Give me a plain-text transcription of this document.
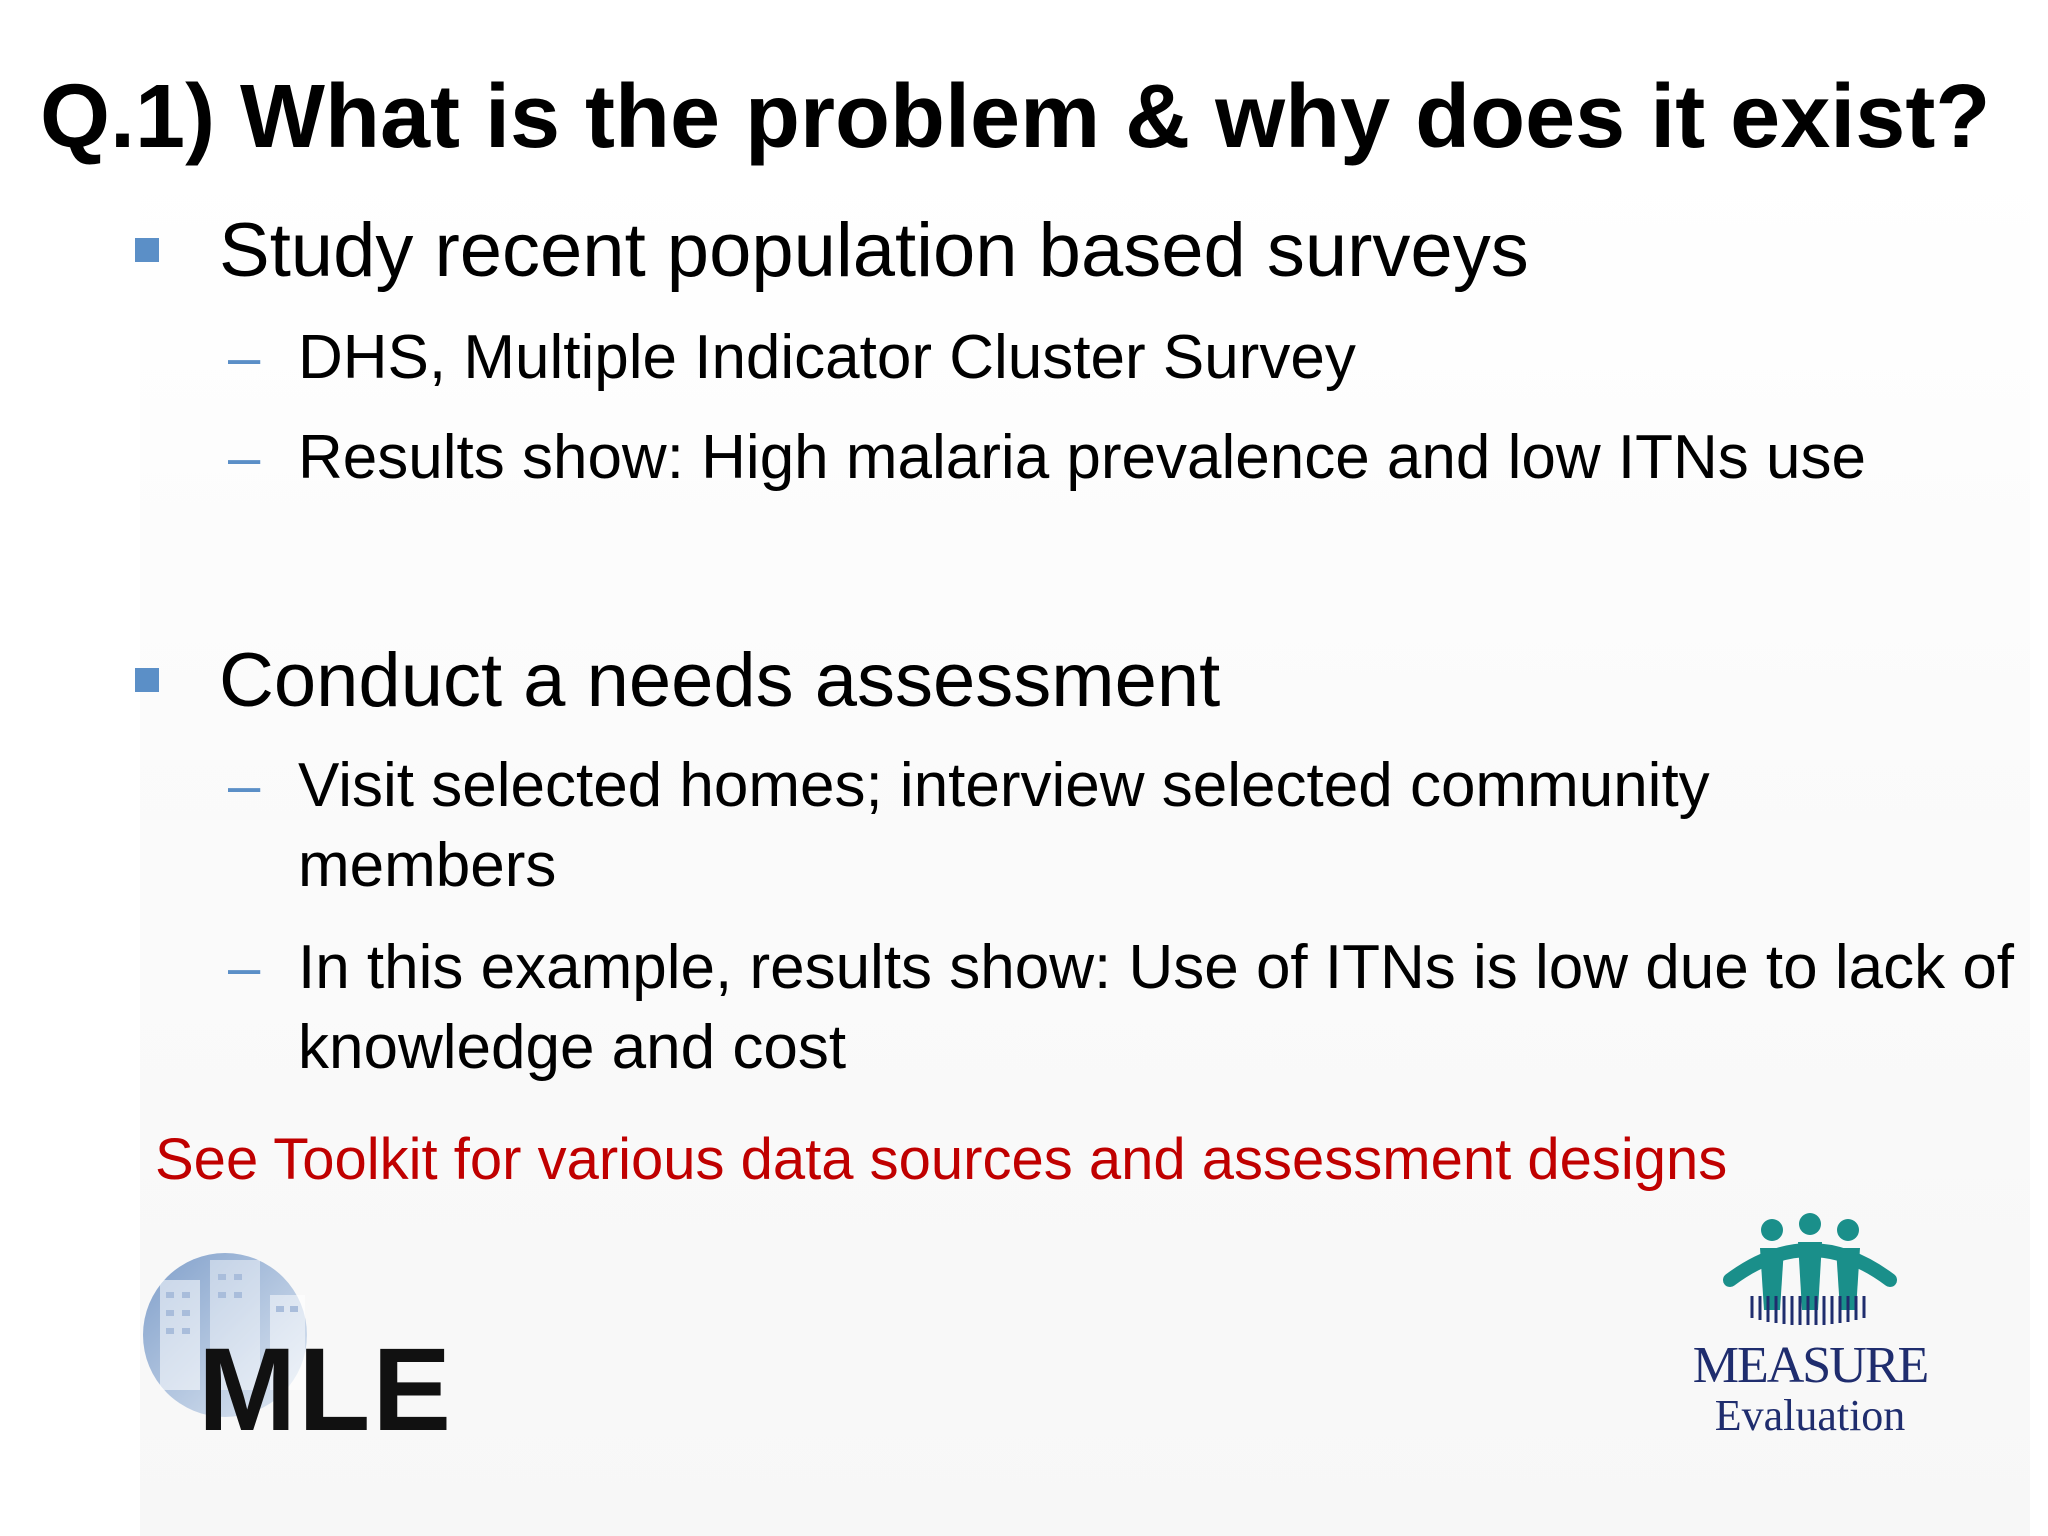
Q.1) What is the problem & why does it exist?
Study recent population based surveys
– DHS, Multiple Indicator Cluster Survey
– Results show: High malaria prevalence and low ITNs use
Conduct a needs assessment
– Visit selected homes; interview selected community members
– In this example, results show: Use of ITNs is low due to lack of knowledge and cost
See Toolkit for various data sources and assessment designs
MLE	MEASURE
Evaluation
